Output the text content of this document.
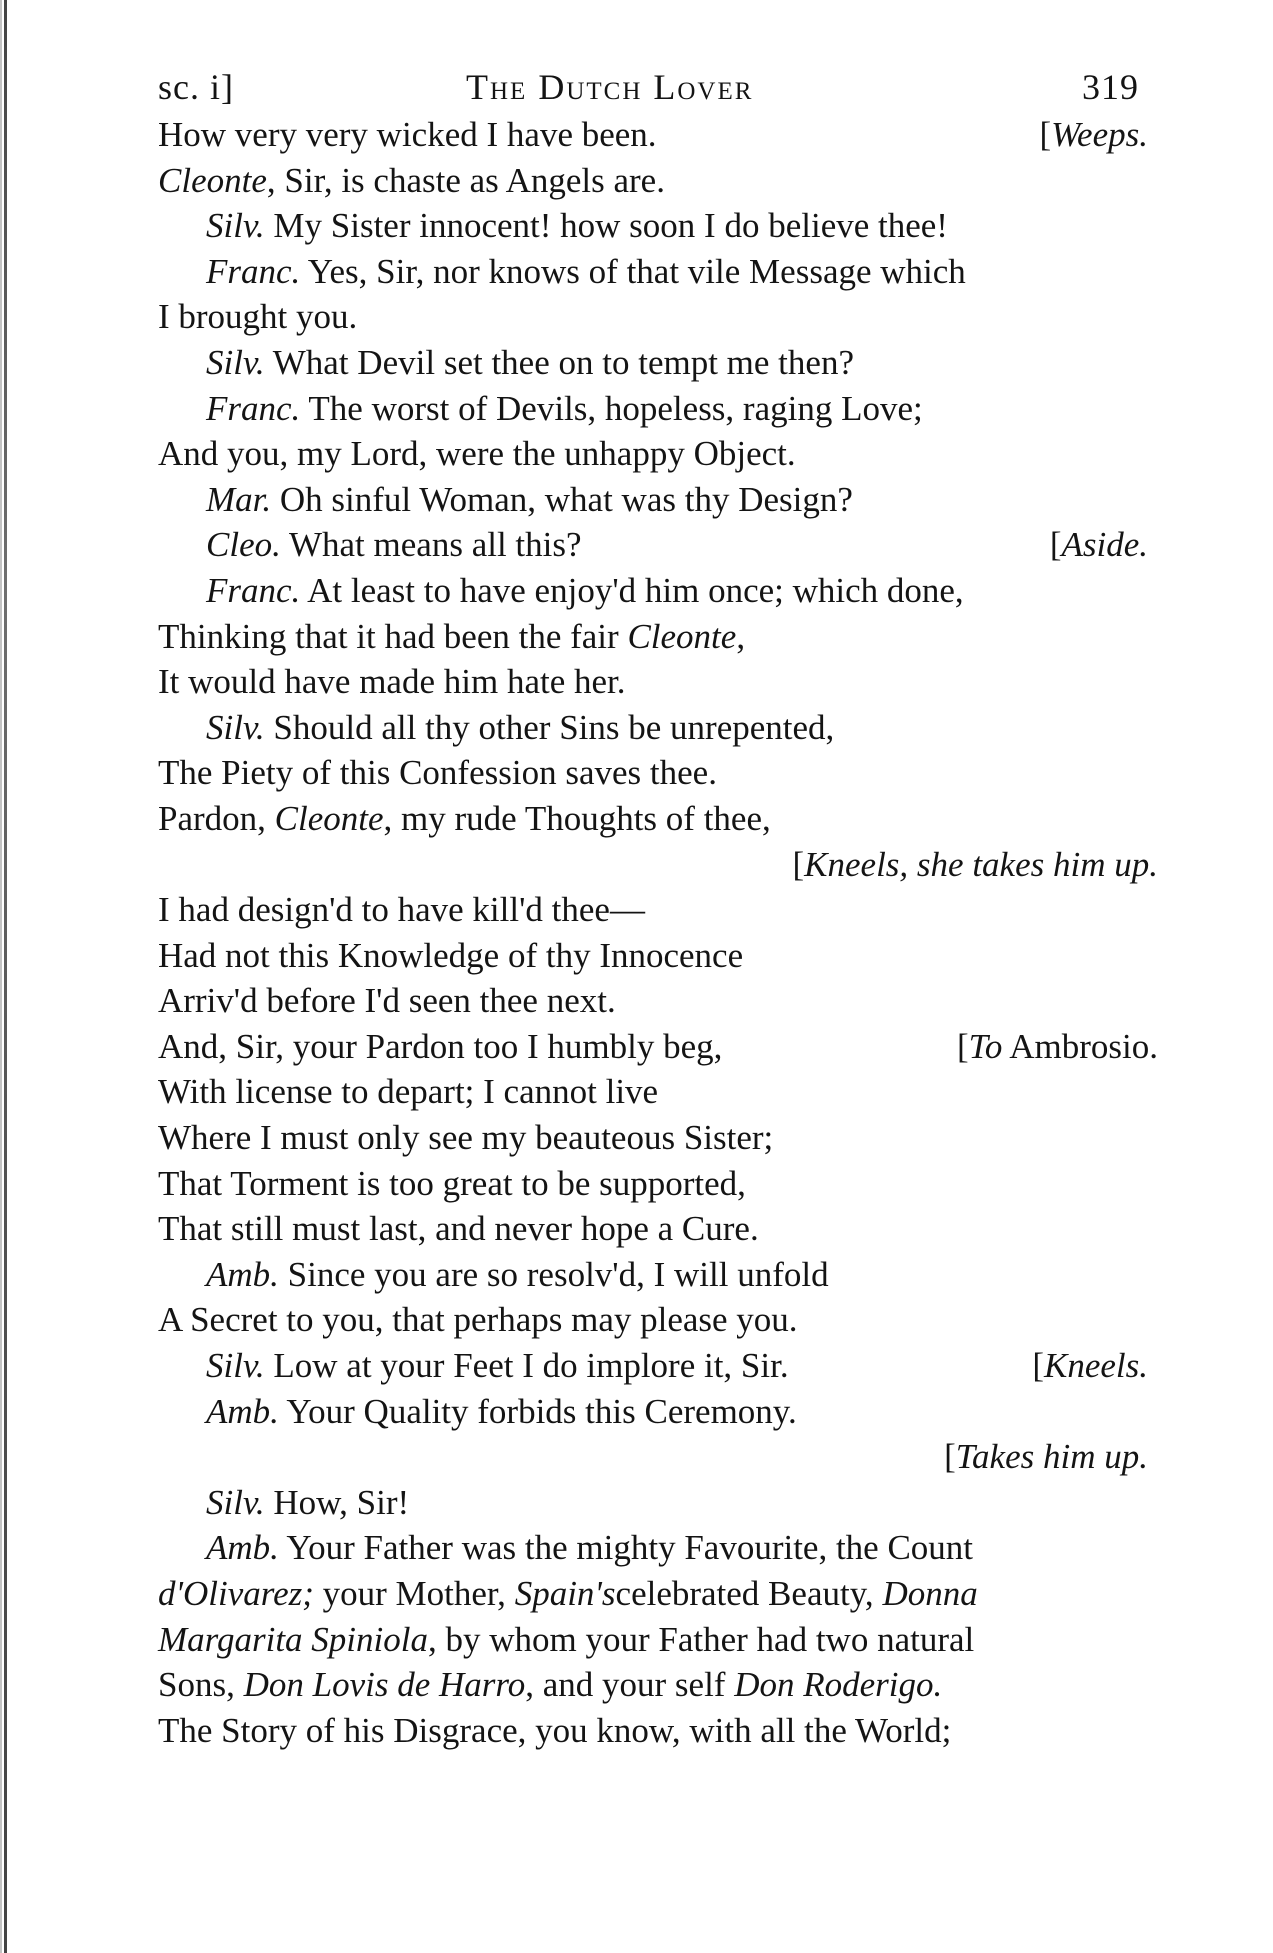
sc. i]	The Dutch Lover	319
How very very wicked I have been.	[Weeps.
Cleonte, Sir, is chaste as Angels are.
Silv. My Sister innocent! how soon I do believe thee!
Franc. Yes, Sir, nor knows of that vile Message which
I brought you.
Silv. What Devil set thee on to tempt me then?
Franc. The worst of Devils, hopeless, raging Love;
And you, my Lord, were the unhappy Object.
Mar. Oh sinful Woman, what was thy Design?
Cleo. What means all this?	[Aside.
Franc. At least to have enjoy'd him once; which done,
Thinking that it had been the fair Cleonte,
It would have made him hate her.
Silv. Should all thy other Sins be unrepented,
The Piety of this Confession saves thee.
Pardon, Cleonte, my rude Thoughts of thee,
[Kneels, she takes him up.
I had design'd to have kill'd thee—
Had not this Knowledge of thy Innocence
Arriv'd before I'd seen thee next.
And, Sir, your Pardon too I humbly beg,	[To Ambrosio.
With license to depart; I cannot live
Where I must only see my beauteous Sister;
That Torment is too great to be supported,
That still must last, and never hope a Cure.
Amb. Since you are so resolv'd, I will unfold
A Secret to you, that perhaps may please you.
Silv. Low at your Feet I do implore it, Sir.	[Kneels.
Amb. Your Quality forbids this Ceremony.
[Takes him up.
Silv. How, Sir!
Amb. Your Father was the mighty Favourite, the Count
d'Olivarez; your Mother, Spain'scelebrated Beauty, Donna
Margarita Spiniola, by whom your Father had two natural
Sons, Don Lovis de Harro, and your self Don Roderigo.
The Story of his Disgrace, you know, with all the World;
